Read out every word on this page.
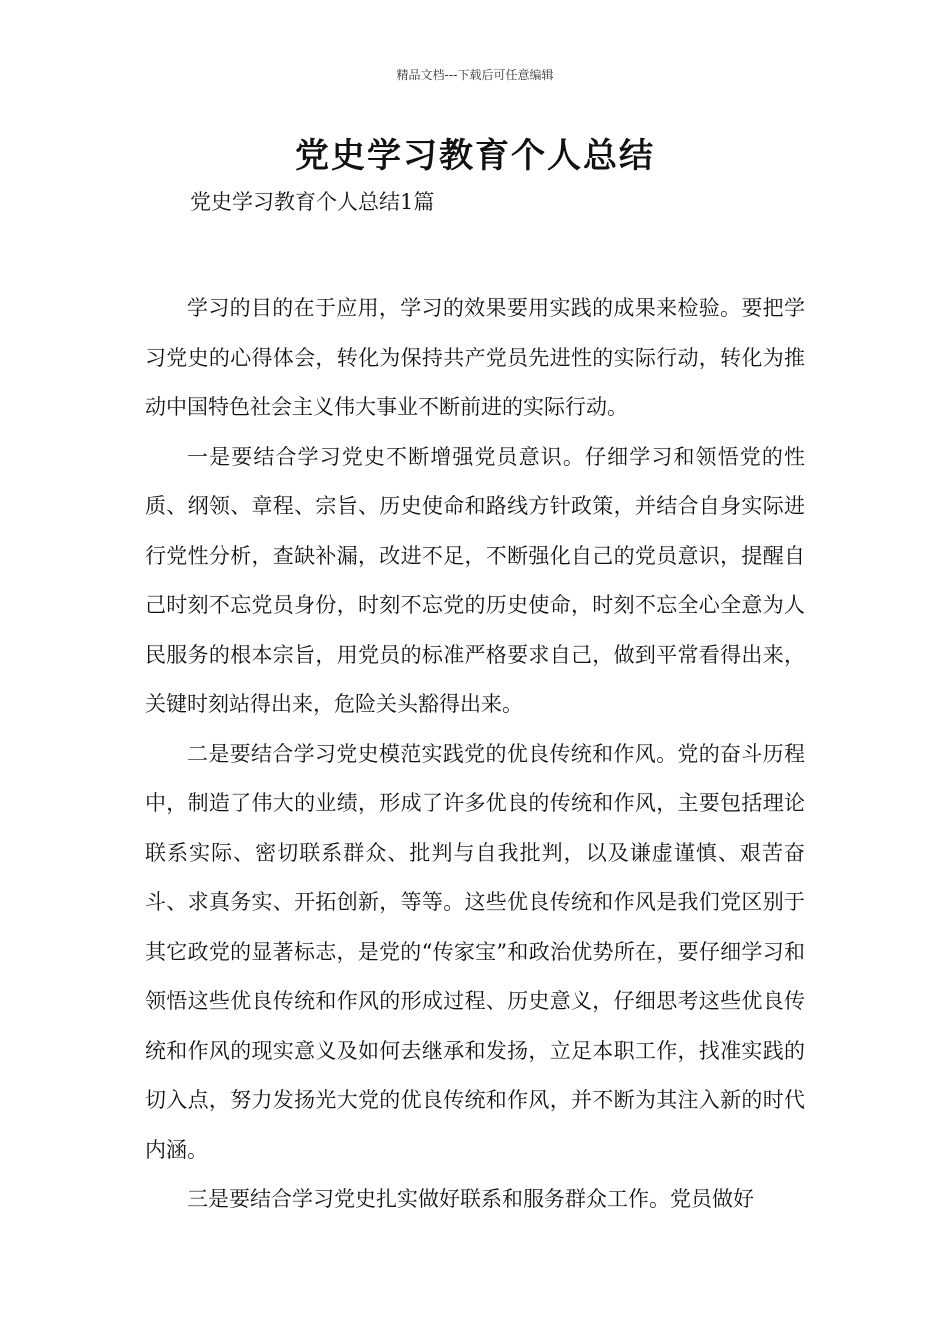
精品文档---下载后可任意编辑
党史学习教育个人总结

党史学习教育个人总结1篇

学习的目的在于应用，学习的效果要用实践的成果来检验。要把学习党史的心得体会，转化为保持共产党员先进性的实际行动，转化为推动中国特色社会主义伟大事业不断前进的实际行动。

一是要结合学习党史不断增强党员意识。仔细学习和领悟党的性质、纲领、章程、宗旨、历史使命和路线方针政策，并结合自身实际进行党性分析，查缺补漏，改进不足，不断强化自己的党员意识，提醒自己时刻不忘党员身份，时刻不忘党的历史使命，时刻不忘全心全意为人民服务的根本宗旨，用党员的标准严格要求自己，做到平常看得出来，关键时刻站得出来，危险关头豁得出来。

二是要结合学习党史模范实践党的优良传统和作风。党的奋斗历程中，制造了伟大的业绩，形成了许多优良的传统和作风，主要包括理论联系实际、密切联系群众、批判与自我批判，以及谦虚谨慎、艰苦奋斗、求真务实、开拓创新，等等。这些优良传统和作风是我们党区别于其它政党的显著标志，是党的“传家宝”和政治优势所在，要仔细学习和领悟这些优良传统和作风的形成过程、历史意义，仔细思考这些优良传统和作风的现实意义及如何去继承和发扬，立足本职工作，找准实践的切入点，努力发扬光大党的优良传统和作风，并不断为其注入新的时代内涵。

三是要结合学习党史扎实做好联系和服务群众工作。党员做好
